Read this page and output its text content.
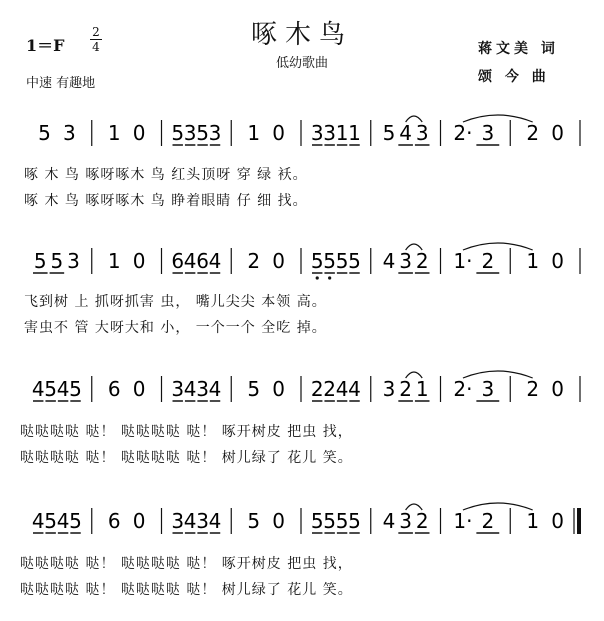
啄木鸟
低幼歌曲
1＝F
2
4
中速 有趣地
蒋文美 词
颂 今 曲
5 3 1 0 5 3 5 3 1 0 3 3 1 1 5 4 3 2· 3 2 0
5 5 3 1 0 6 4 6 4 2 0 5 5 5 5 4 3 2 1· 2 1 0
4 5 4 5 6 0 3 4 3 4 5 0 2 2 4 4 3 2 1 2· 3 2 0
4 5 4 5 6 0 3 4 3 4 5 0 5 5 5 5 4 3 2 1· 2 1 0
啄 木 鸟 啄呀啄木 鸟 红头顶呀 穿 绿 袄。
啄 木 鸟 啄呀啄木 鸟 睁着眼睛 仔 细 找。
飞到树 上 抓呀抓害 虫， 嘴儿尖尖 本领 高。
害虫不 管 大呀大和 小， 一个一个 全吃 掉。
哒哒哒哒 哒！ 哒哒哒哒 哒！ 啄开树皮 把虫 找，
哒哒哒哒 哒！ 哒哒哒哒 哒！ 树儿绿了 花儿 笑。
哒哒哒哒 哒！ 哒哒哒哒 哒！ 啄开树皮 把虫 找，
哒哒哒哒 哒！ 哒哒哒哒 哒！ 树儿绿了 花儿 笑。
